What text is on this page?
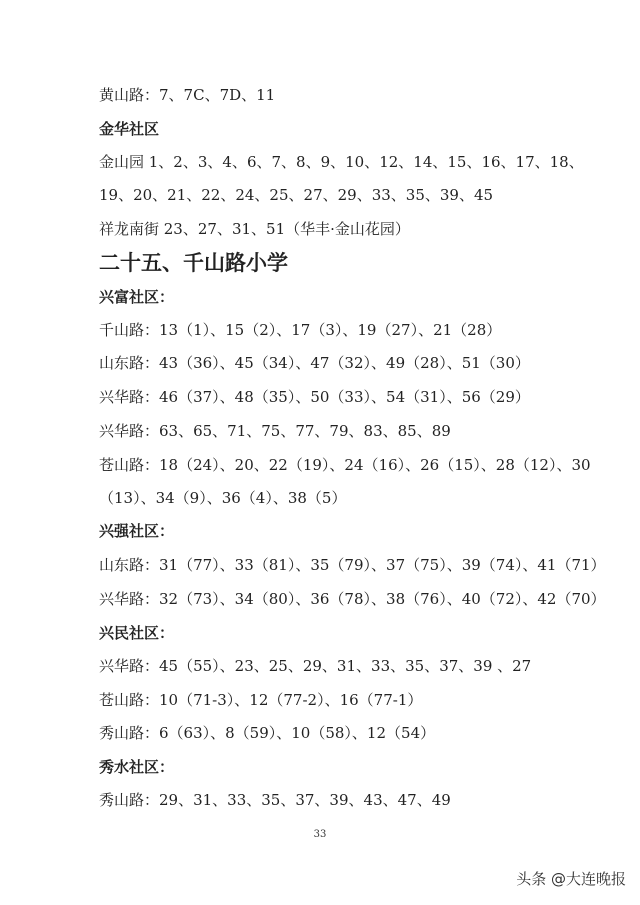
黄山路：7、7C、7D、11
金华社区
金山园 1、2、3、4、6、7、8、9、10、12、14、15、16、17、18、
19、20、21、22、24、25、27、29、33、35、39、45
祥龙南街 23、27、31、51（华丰·金山花园）
二十五、千山路小学
兴富社区：
千山路：13（1）、15（2）、17（3）、19（27）、21（28）
山东路：43（36）、45（34）、47（32）、49（28）、51（30）
兴华路：46（37）、48（35）、50（33）、54（31）、56（29）
兴华路：63、65、71、75、77、79、83、85、89
苍山路：18（24）、20、22（19）、24（16）、26（15）、28（12）、30
（13）、34（9）、36（4）、38（5）
兴强社区：
山东路：31（77）、33（81）、35（79）、37（75）、39（74）、41（71）
兴华路：32（73）、34（80）、36（78）、38（76）、40（72）、42（70）
兴民社区：
兴华路：45（55）、23、25、29、31、33、35、37、39 、27
苍山路：10（71-3）、12（77-2）、16（77-1）
秀山路：6（63）、8（59）、10（58）、12（54）
秀水社区：
秀山路：29、31、33、35、37、39、43、47、49
33
头条 @大连晚报
